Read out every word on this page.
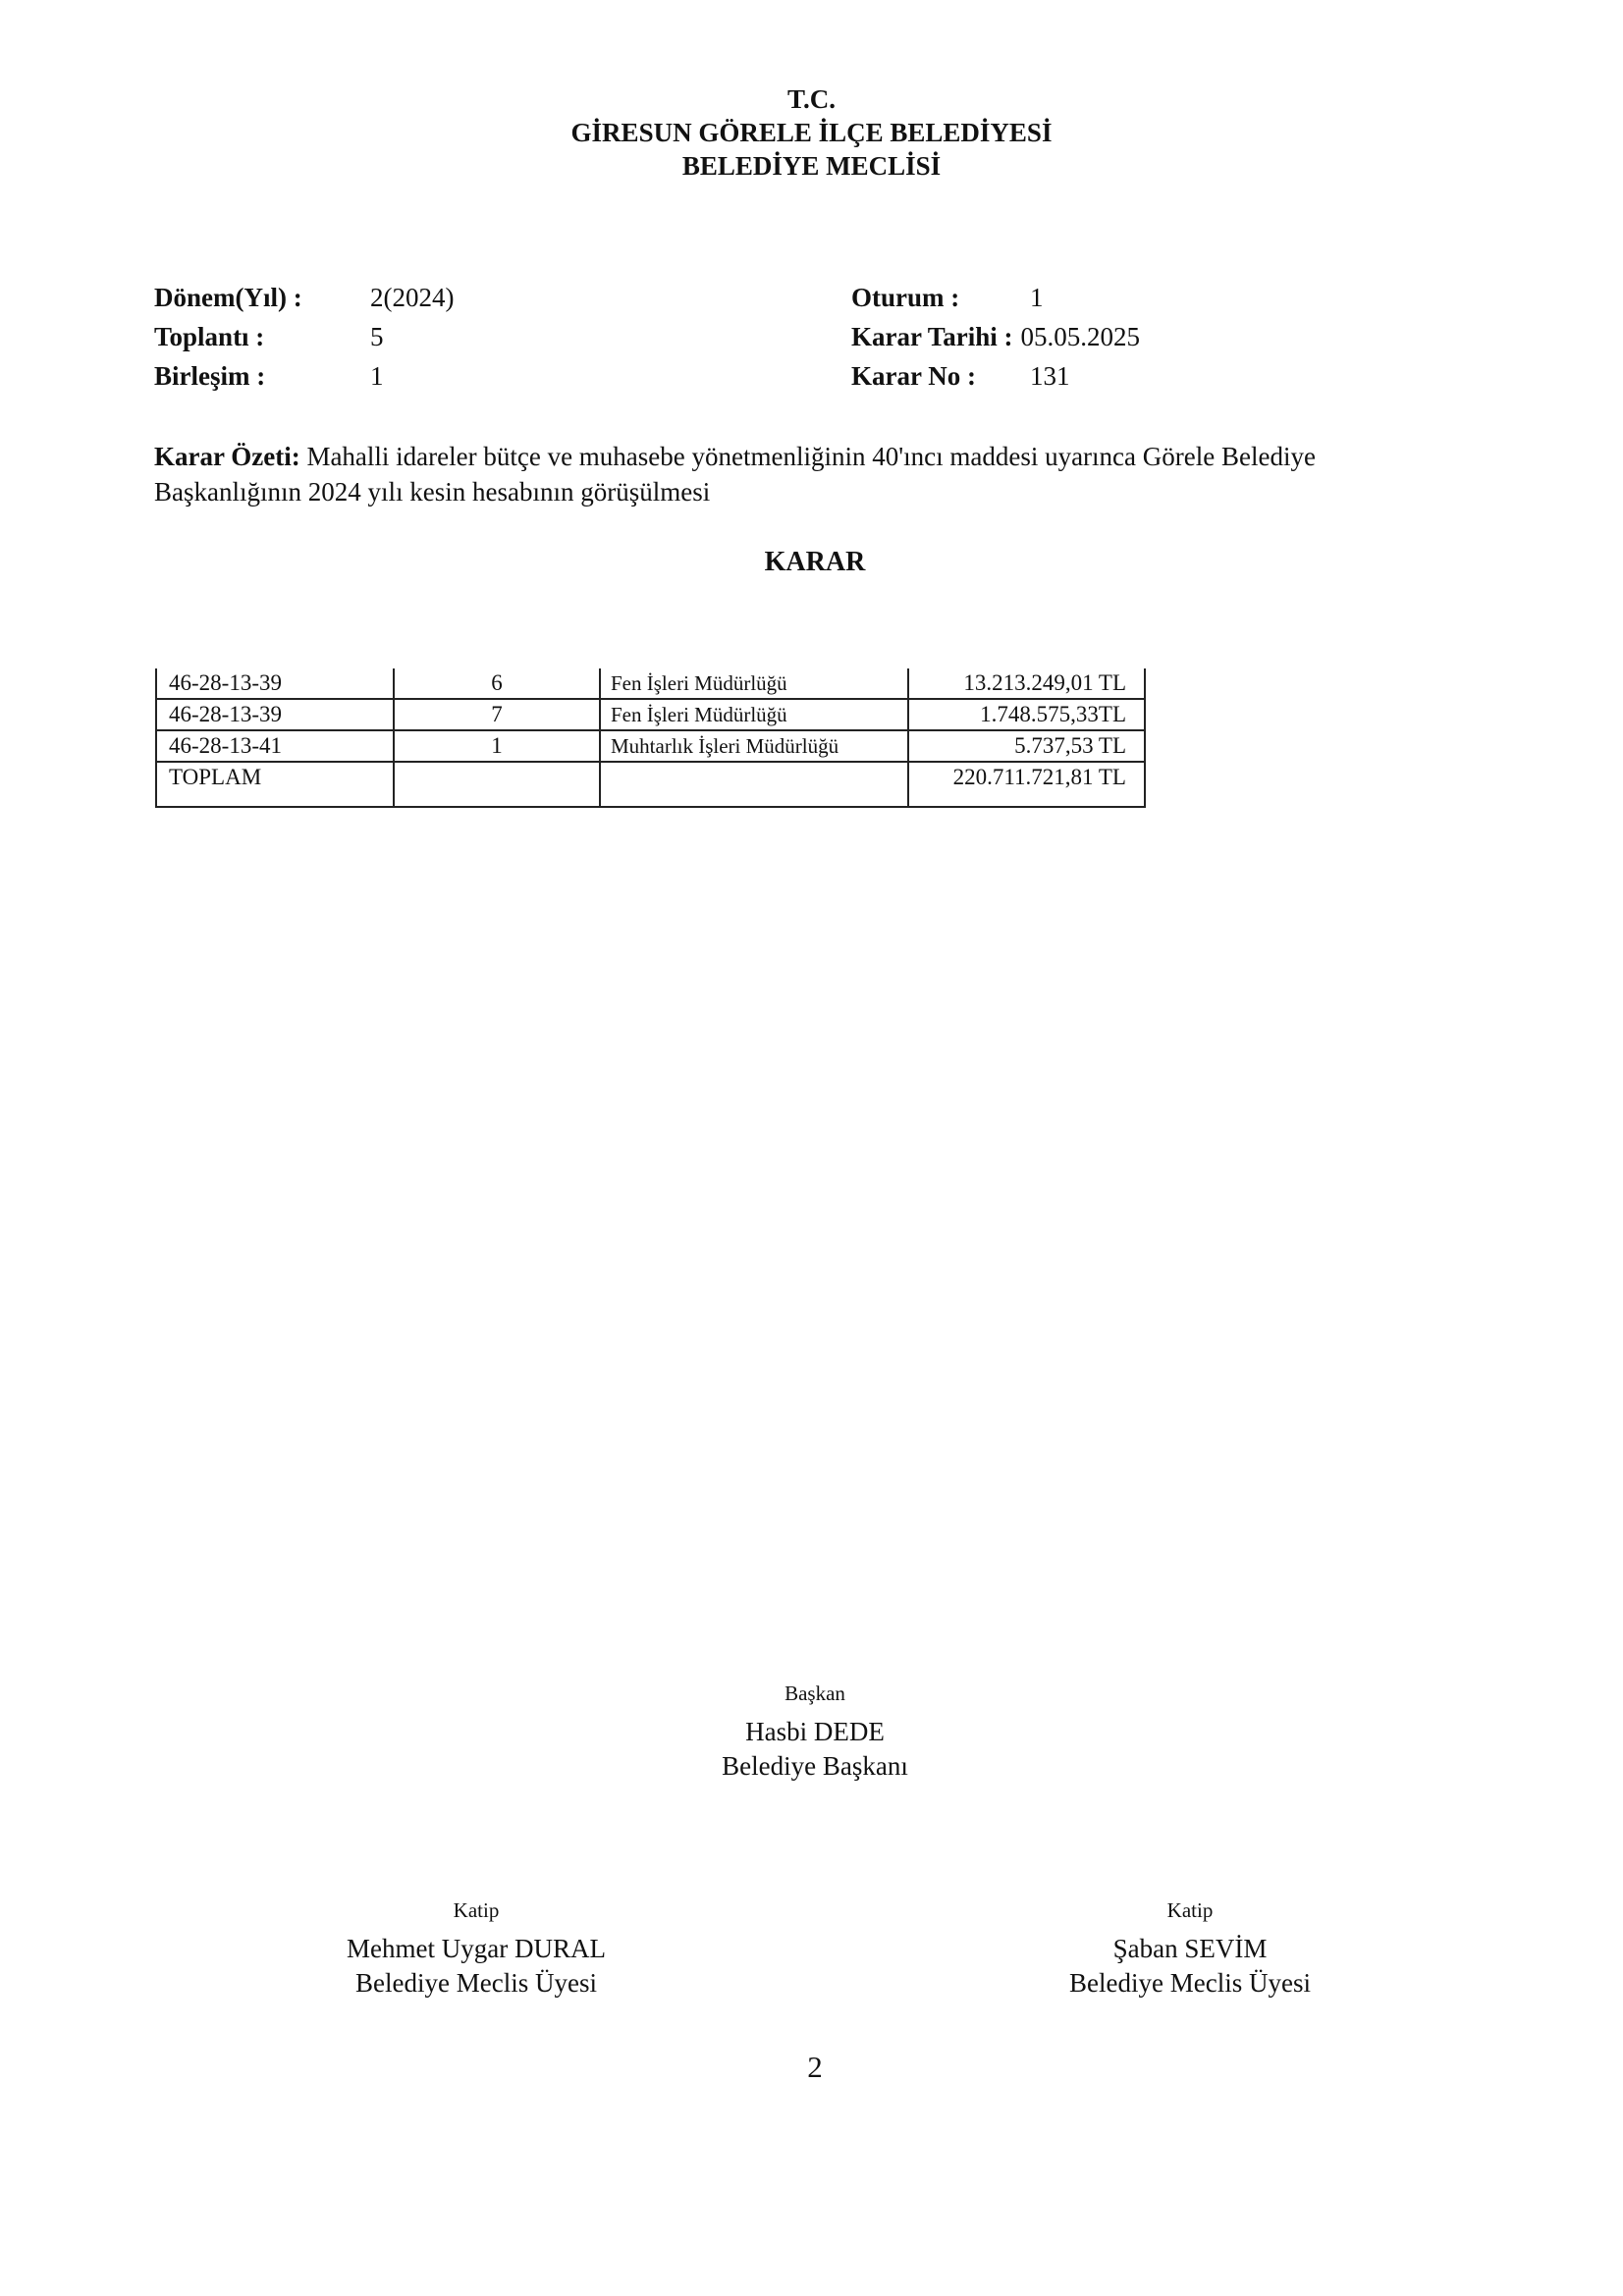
T.C.
GİRESUN GÖRELE İLÇE BELEDİYESİ
BELEDİYE MECLİSİ
Dönem(Yıl) :	2(2024)
Toplantı :	5
Birleşim :	1
Oturum :	1
Karar Tarihi : 05.05.2025
Karar No : 131
Karar Özeti: Mahalli idareler bütçe ve muhasebe yönetmenliğinin 40'ıncı maddesi uyarınca Görele Belediye Başkanlığının 2024 yılı kesin hesabının görüşülmesi
KARAR
46-28-13-39	6	Fen İşleri Müdürlüğü	13.213.249,01 TL
46-28-13-39	7	Fen İşleri Müdürlüğü	1.748.575,33TL
46-28-13-41	1	Muhtarlık İşleri Müdürlüğü	5.737,53 TL
TOPLAM			220.711.721,81 TL
Başkan
Hasbi DEDE
Belediye Başkanı
Katip
Mehmet Uygar DURAL
Belediye Meclis Üyesi
Katip
Şaban SEVİM
Belediye Meclis Üyesi
2
